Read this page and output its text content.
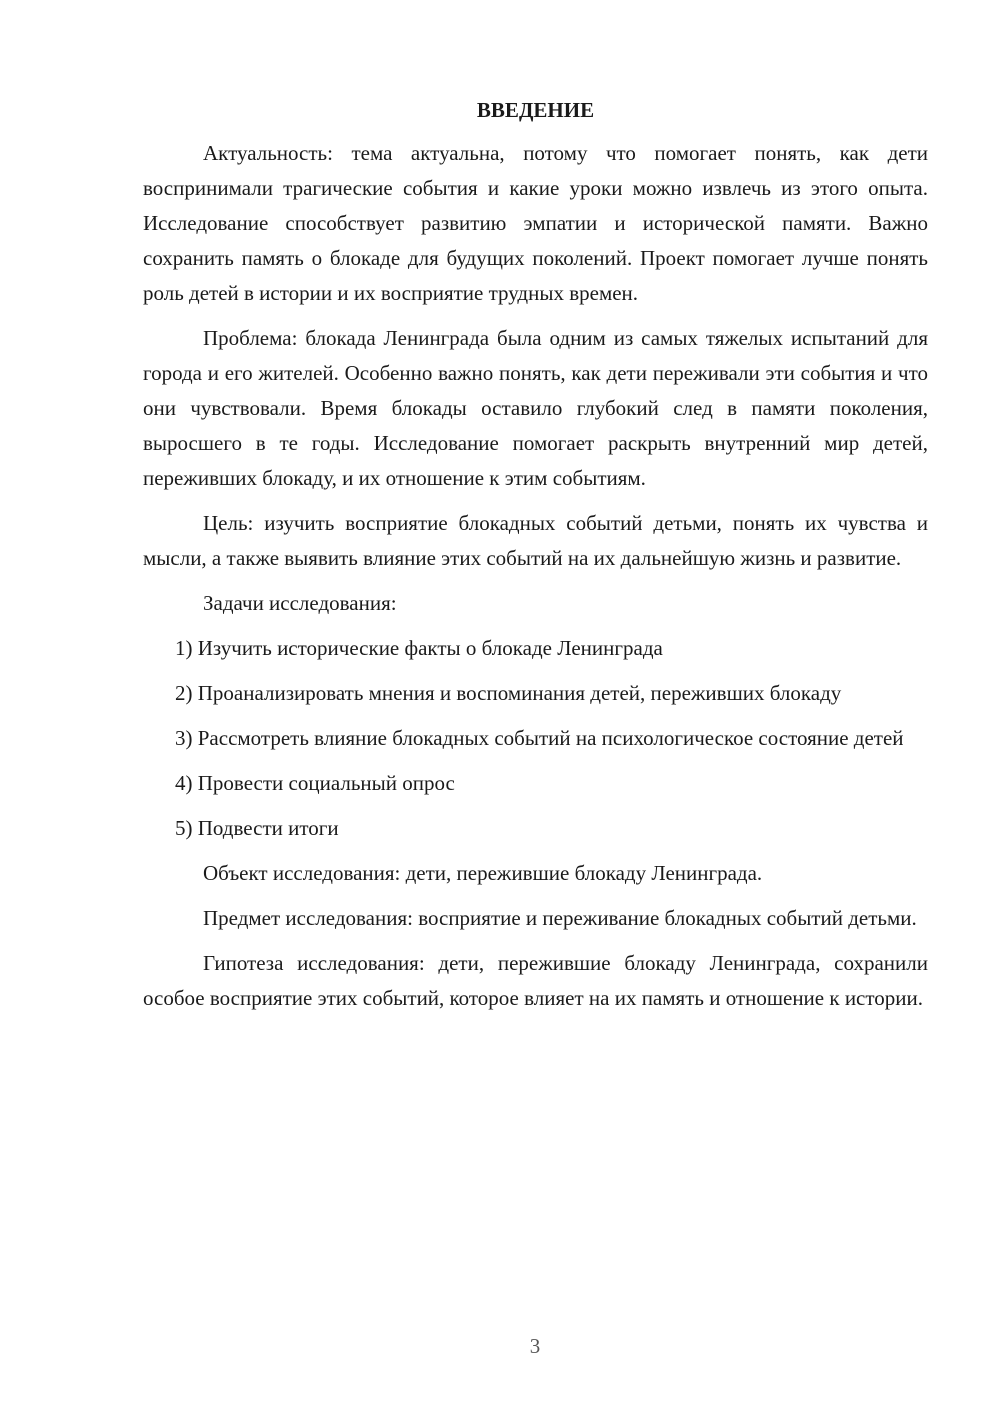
ВВЕДЕНИЕ

Актуальность: тема актуальна, потому что помогает понять, как дети воспринимали трагические события и какие уроки можно извлечь из этого опыта. Исследование способствует развитию эмпатии и исторической памяти. Важно сохранить память о блокаде для будущих поколений. Проект помогает лучше понять роль детей в истории и их восприятие трудных времен.

Проблема: блокада Ленинграда была одним из самых тяжелых испытаний для города и его жителей. Особенно важно понять, как дети переживали эти события и что они чувствовали. Время блокады оставило глубокий след в памяти поколения, выросшего в те годы. Исследование помогает раскрыть внутренний мир детей, переживших блокаду, и их отношение к этим событиям.

Цель: изучить восприятие блокадных событий детьми, понять их чувства и мысли, а также выявить влияние этих событий на их дальнейшую жизнь и развитие.

Задачи исследования:

1) Изучить исторические факты о блокаде Ленинграда

2) Проанализировать мнения и воспоминания детей, переживших блокаду

3) Рассмотреть влияние блокадных событий на психологическое состояние детей

4) Провести социальный опрос

5) Подвести итоги

Объект исследования: дети, пережившие блокаду Ленинграда.

Предмет исследования: восприятие и переживание блокадных событий детьми.

Гипотеза исследования: дети, пережившие блокаду Ленинграда, сохранили особое восприятие этих событий, которое влияет на их память и отношение к истории.

3
